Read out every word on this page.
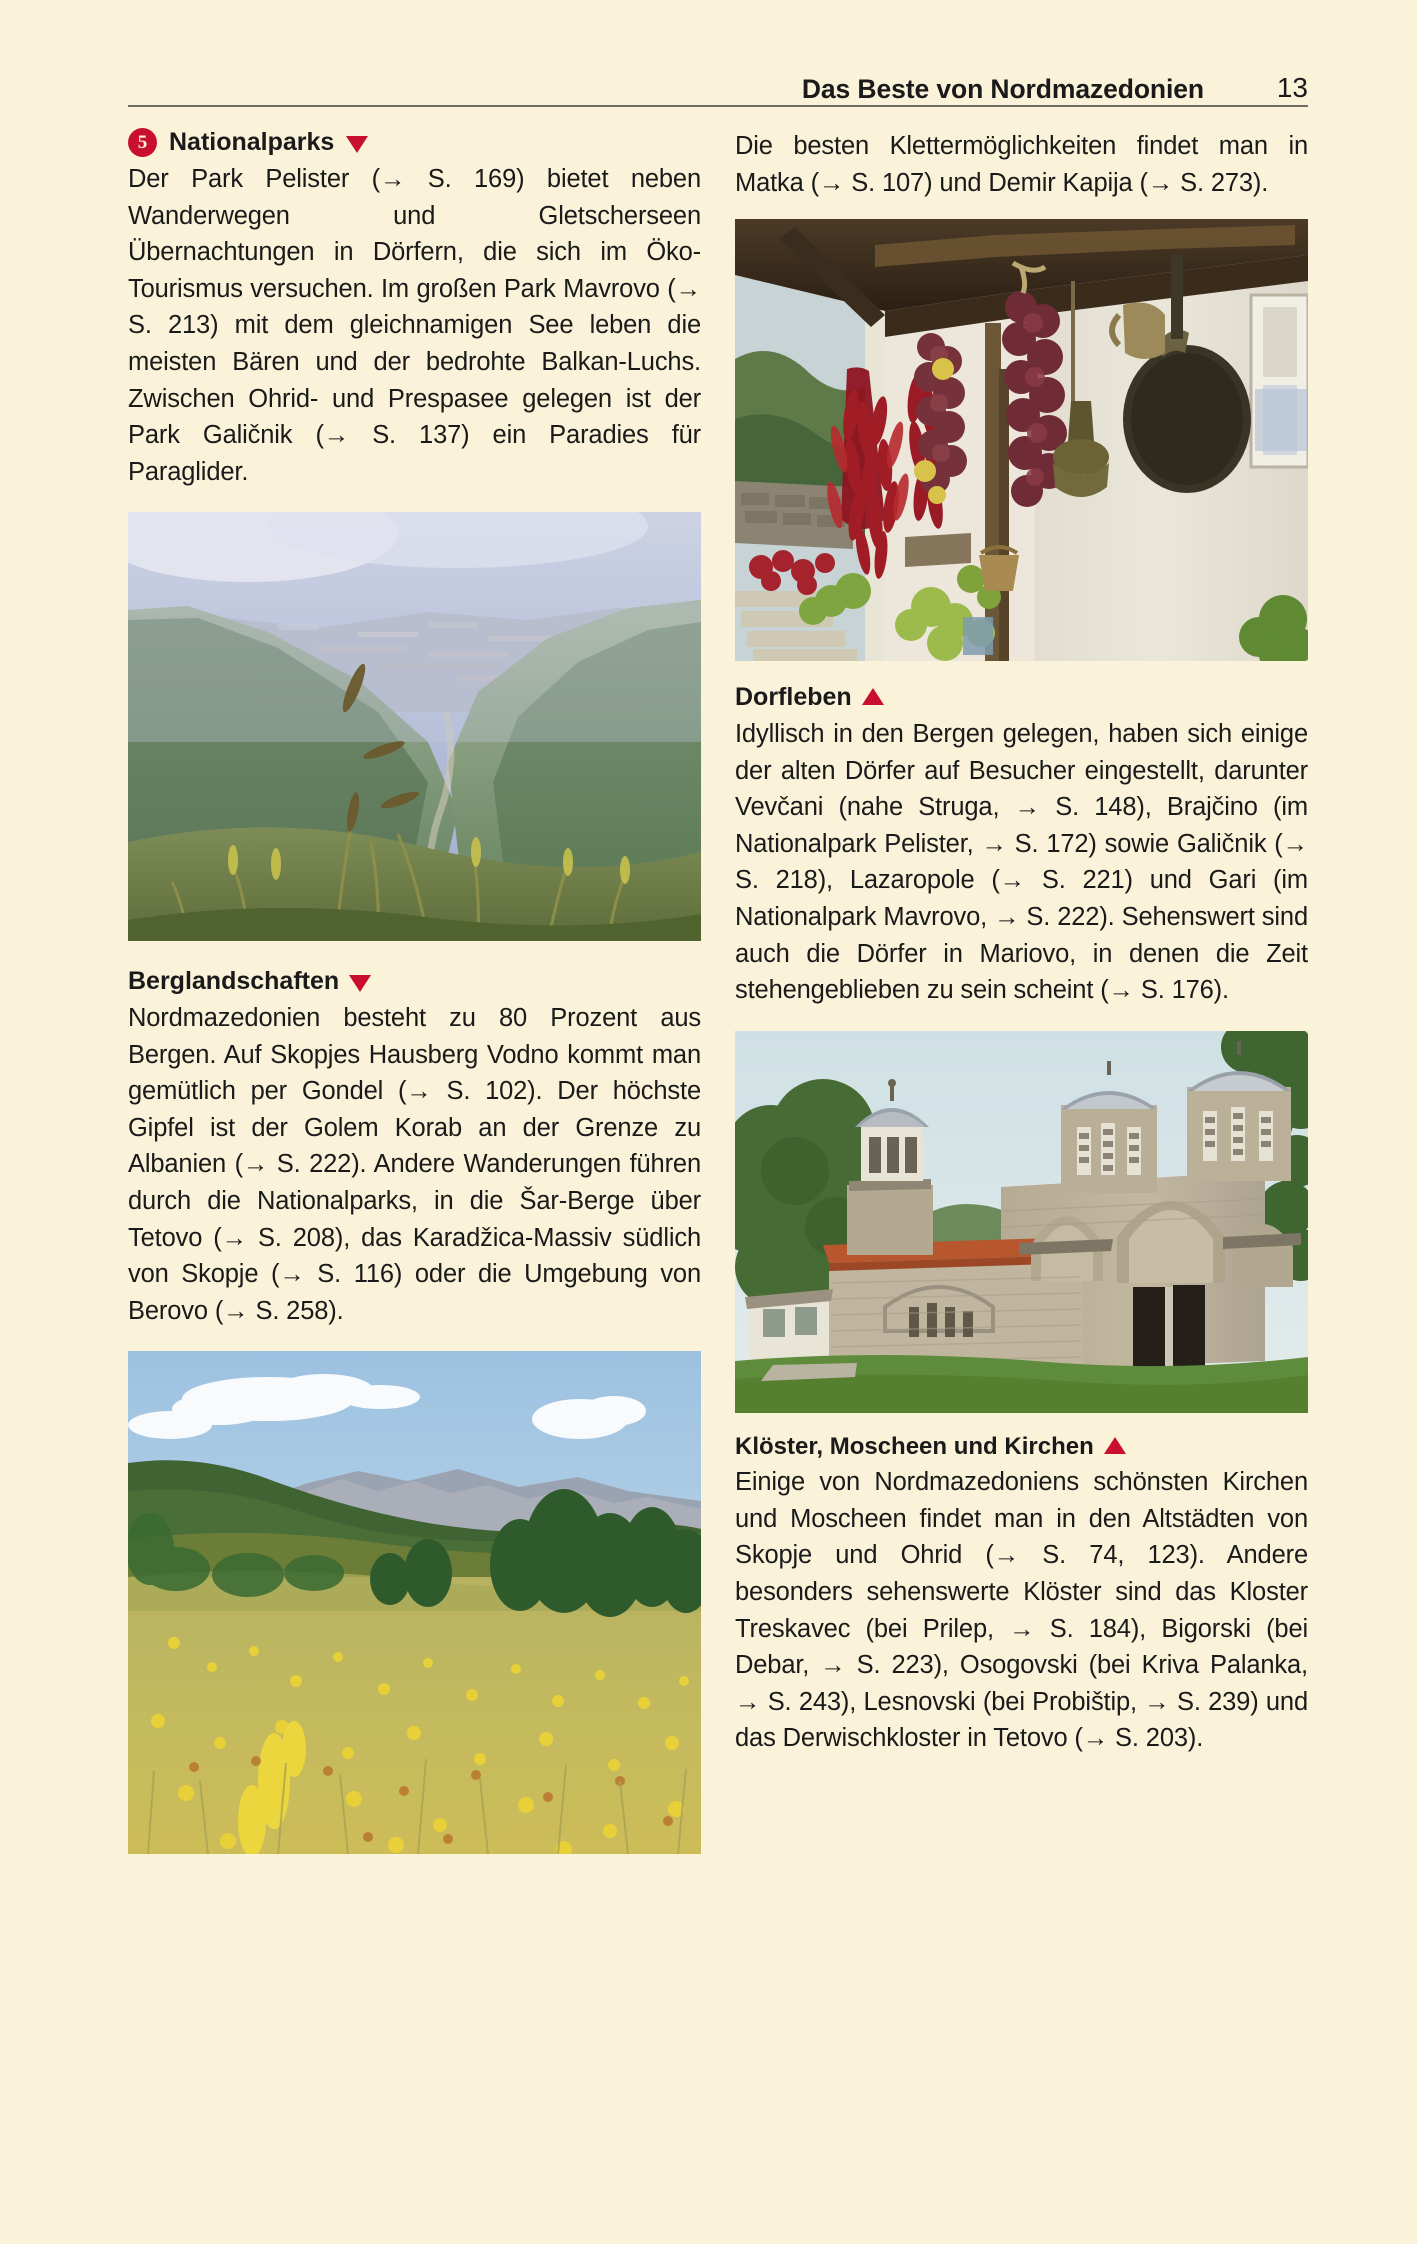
Das Beste von Nordmazedonien	13
5 Nationalparks

Der Park Pelister (→ S. 169) bietet neben Wanderwegen und Gletscherseen Übernachtungen in Dörfern, die sich im Öko-Tourismus versuchen. Im großen Park Mavrovo (→ S. 213) mit dem gleichnamigen See leben die meisten Bären und der bedrohte Balkan-Luchs. Zwischen Ohrid- und Prespasee gelegen ist der Park Galičnik (→ S. 137) ein Paradies für Paraglider.

Berglandschaften

Nordmazedonien besteht zu 80 Prozent aus Bergen. Auf Skopjes Hausberg Vodno kommt man gemütlich per Gondel (→ S. 102). Der höchste Gipfel ist der Golem Korab an der Grenze zu Albanien (→ S. 222). Andere Wanderungen führen durch die Nationalparks, in die Šar-Berge über Tetovo (→ S. 208), das Karadžica-Massiv südlich von Skopje (→ S. 116) oder die Umgebung von Berovo (→ S. 258).

Die besten Klettermöglichkeiten findet man in Matka (→ S. 107) und Demir Kapija (→ S. 273).

Dorfleben

Idyllisch in den Bergen gelegen, haben sich einige der alten Dörfer auf Besucher eingestellt, darunter Vevčani (nahe Struga, → S. 148), Brajčino (im Nationalpark Pelister, → S. 172) sowie Galičnik (→ S. 218), Lazaropole (→ S. 221) und Gari (im Nationalpark Mavrovo, → S. 222). Sehenswert sind auch die Dörfer in Mariovo, in denen die Zeit stehengeblieben zu sein scheint (→ S. 176).

Klöster, Moscheen und Kirchen

Einige von Nordmazedoniens schönsten Kirchen und Moscheen findet man in den Altstädten von Skopje und Ohrid (→ S. 74, 123). Andere besonders sehenswerte Klöster sind das Kloster Treskavec (bei Prilep, → S. 184), Bigorski (bei Debar, → S. 223), Osogovski (bei Kriva Palanka, → S. 243), Lesnovski (bei Probištip, → S. 239) und das Derwischkloster in Tetovo (→ S. 203).
